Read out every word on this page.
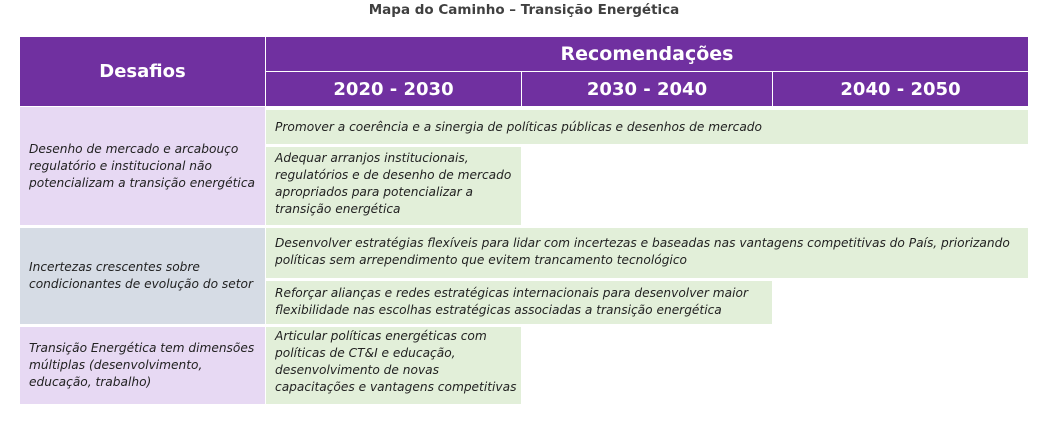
Mapa do Caminho – Transição Energética
Desafios
Recomendações
2020 - 2030	2030 - 2040	2040 - 2050
Desenho de mercado e arcabouço
regulatório e institucional não
potencializam a transição energética
Promover a coerência e a sinergia de políticas públicas e desenhos de mercado
Adequar arranjos institucionais,
regulatórios e de desenho de mercado
apropriados para potencializar a
transição energética
Incertezas crescentes sobre
condicionantes de evolução do setor
Desenvolver estratégias flexíveis para lidar com incertezas e baseadas nas vantagens competitivas do País, priorizando
políticas sem arrependimento que evitem trancamento tecnológico
Reforçar alianças e redes estratégicas internacionais para desenvolver maior
flexibilidade nas escolhas estratégicas associadas a transição energética
Transição Energética tem dimensões
múltiplas (desenvolvimento,
educação, trabalho)
Articular políticas energéticas com
políticas de CT&I e educação,
desenvolvimento de novas
capacitações e vantagens competitivas
